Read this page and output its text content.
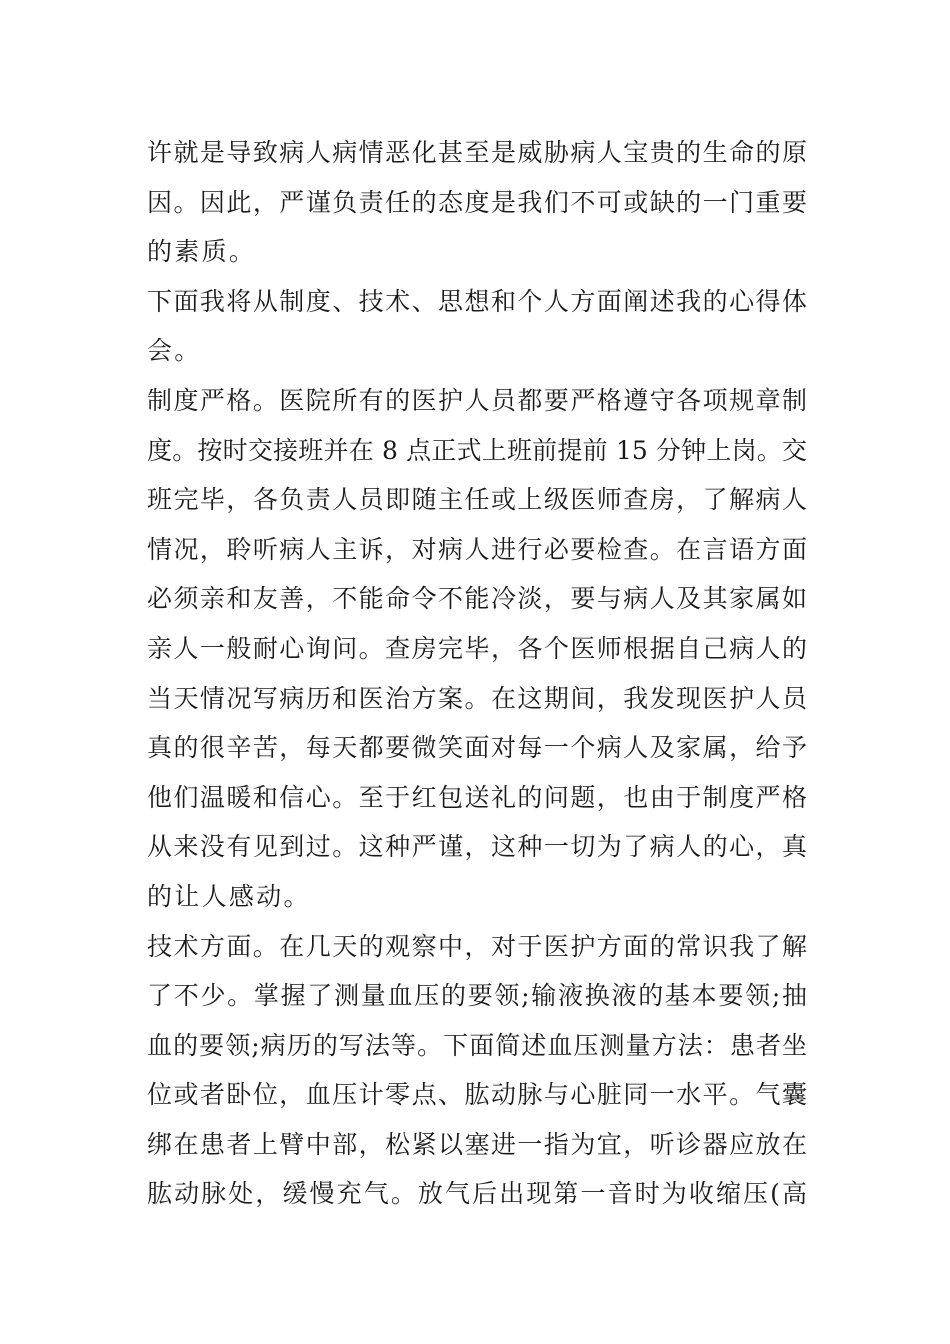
许就是导致病人病情恶化甚至是威胁病人宝贵的生命的原
因。因此，严谨负责任的态度是我们不可或缺的一门重要
的素质。
下面我将从制度、技术、思想和个人方面阐述我的心得体
会。
制度严格。医院所有的医护人员都要严格遵守各项规章制
度。按时交接班并在 8 点正式上班前提前 15 分钟上岗。交
班完毕，各负责人员即随主任或上级医师查房，了解病人
情况，聆听病人主诉，对病人进行必要检查。在言语方面
必须亲和友善，不能命令不能冷淡，要与病人及其家属如
亲人一般耐心询问。查房完毕，各个医师根据自己病人的
当天情况写病历和医治方案。在这期间，我发现医护人员
真的很辛苦，每天都要微笑面对每一个病人及家属，给予
他们温暖和信心。至于红包送礼的问题，也由于制度严格
从来没有见到过。这种严谨，这种一切为了病人的心，真
的让人感动。
技术方面。在几天的观察中，对于医护方面的常识我了解
了不少。掌握了测量血压的要领;输液换液的基本要领;抽
血的要领;病历的写法等。下面简述血压测量方法：患者坐
位或者卧位，血压计零点、肱动脉与心脏同一水平。气囊
绑在患者上臂中部，松紧以塞进一指为宜，听诊器应放在
肱动脉处，缓慢充气。放气后出现第一音时为收缩压(高
